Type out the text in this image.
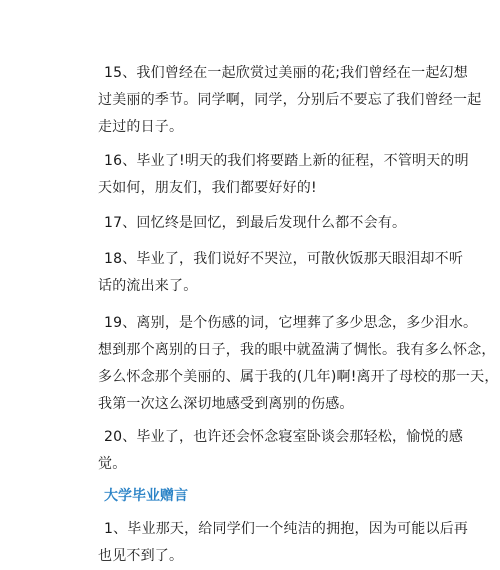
15、我们曾经在一起欣赏过美丽的花;我们曾经在一起幻想
过美丽的季节。同学啊，同学，分别后不要忘了我们曾经一起
走过的日子。
16、毕业了!明天的我们将要踏上新的征程，不管明天的明
天如何，朋友们，我们都要好好的!
17、回忆终是回忆，到最后发现什么都不会有。
18、毕业了，我们说好不哭泣，可散伙饭那天眼泪却不听
话的流出来了。
19、离别，是个伤感的词，它埋葬了多少思念，多少泪水。
想到那个离别的日子，我的眼中就盈满了惆怅。我有多么怀念，
多么怀念那个美丽的、属于我的(几年)啊!离开了母校的那一天，
我第一次这么深切地感受到离别的伤感。
20、毕业了，也许还会怀念寝室卧谈会那轻松，愉悦的感
觉。
大学毕业赠言
1、毕业那天，给同学们一个纯洁的拥抱，因为可能以后再
也见不到了。
